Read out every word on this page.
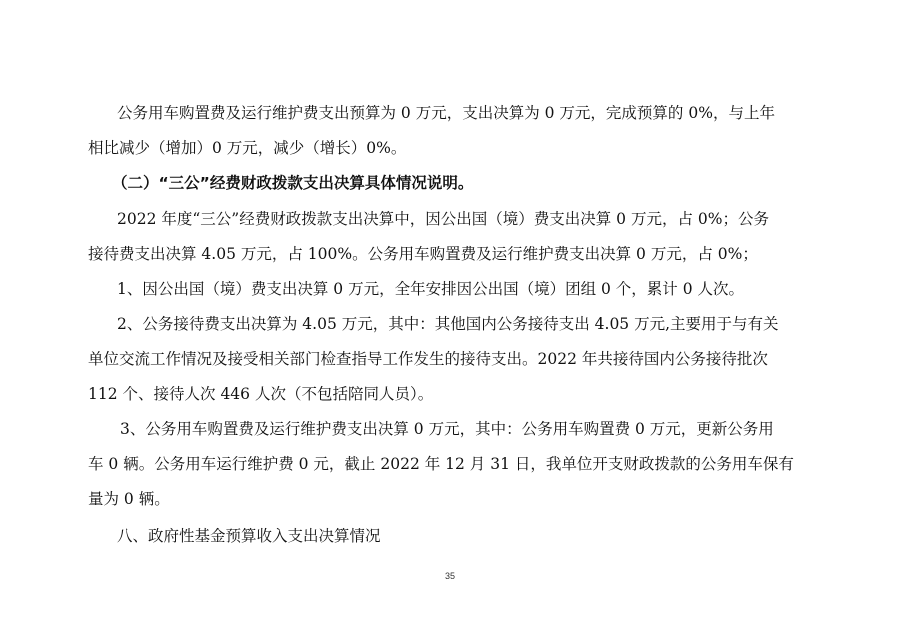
公务用车购置费及运行维护费支出预算为 0 万元，支出决算为 0 万元，完成预算的 0%，与上年
相比减少（增加）0 万元，减少（增长）0%。
（二）“三公”经费财政拨款支出决算具体情况说明。
2022 年度“三公”经费财政拨款支出决算中，因公出国（境）费支出决算 0 万元，占 0%；公务
接待费支出决算 4.05 万元，占 100%。公务用车购置费及运行维护费支出决算 0 万元，占 0%；
1、因公出国（境）费支出决算 0 万元，全年安排因公出国（境）团组 0 个，累计 0 人次。
2、公务接待费支出决算为 4.05 万元，其中：其他国内公务接待支出 4.05 万元,主要用于与有关
单位交流工作情况及接受相关部门检查指导工作发生的接待支出。2022 年共接待国内公务接待批次
112 个、接待人次 446 人次（不包括陪同人员）。
3、公务用车购置费及运行维护费支出决算 0 万元，其中：公务用车购置费 0 万元，更新公务用
车 0 辆。公务用车运行维护费 0 元，截止 2022 年 12 月 31 日，我单位开支财政拨款的公务用车保有
量为 0 辆。
八、政府性基金预算收入支出决算情况
35
